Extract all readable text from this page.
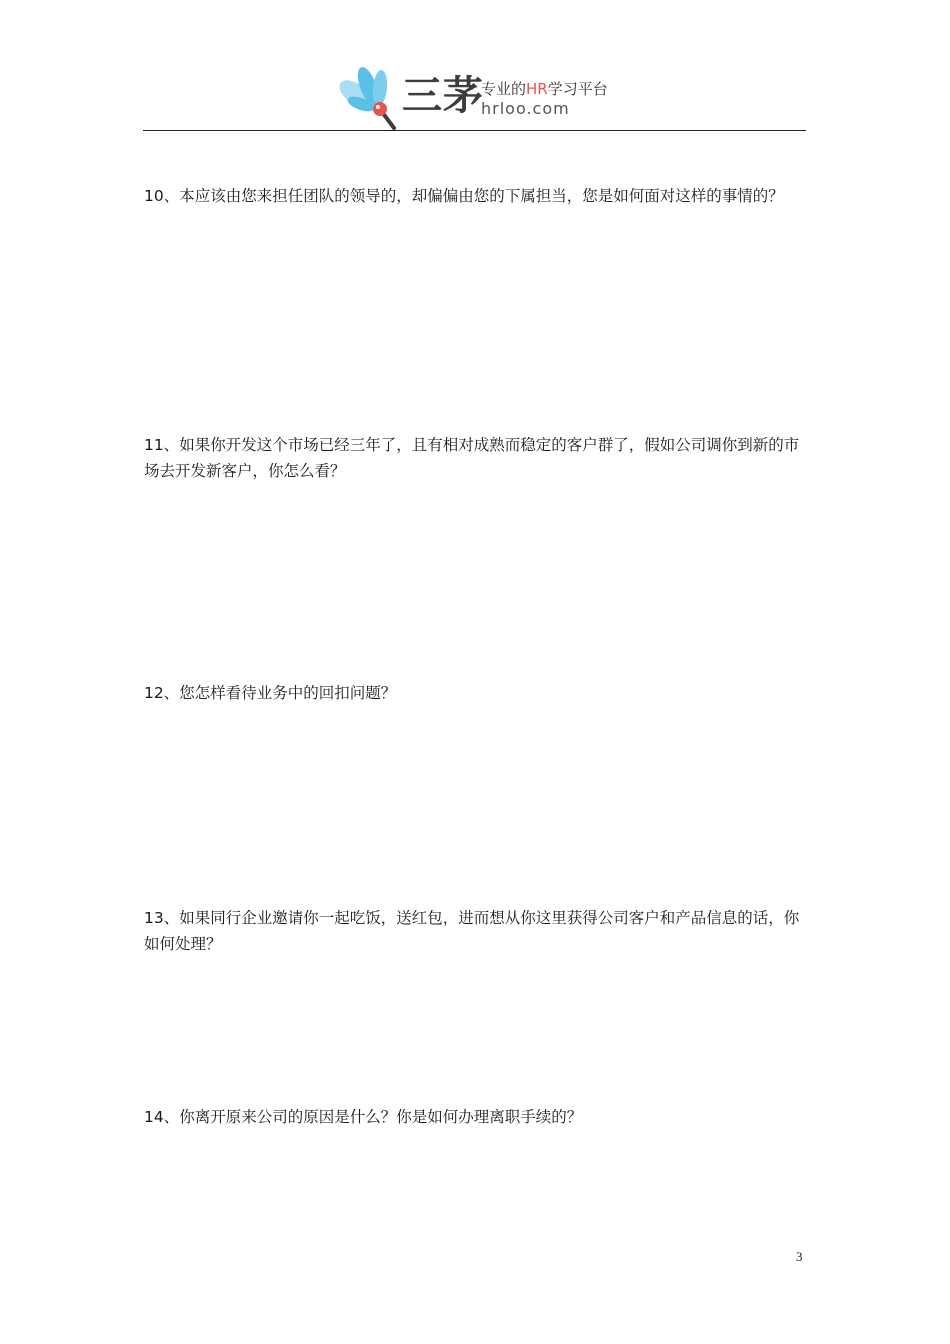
三茅
专业的HR学习平台
hrloo.com
10、本应该由您来担任团队的领导的，却偏偏由您的下属担当，您是如何面对这样的事情的？
11、如果你开发这个市场已经三年了，且有相对成熟而稳定的客户群了，假如公司调你到新的市场去开发新客户，你怎么看？
12、您怎样看待业务中的回扣问题？
13、如果同行企业邀请你一起吃饭，送红包，进而想从你这里获得公司客户和产品信息的话，你如何处理？
14、你离开原来公司的原因是什么？你是如何办理离职手续的？
3
